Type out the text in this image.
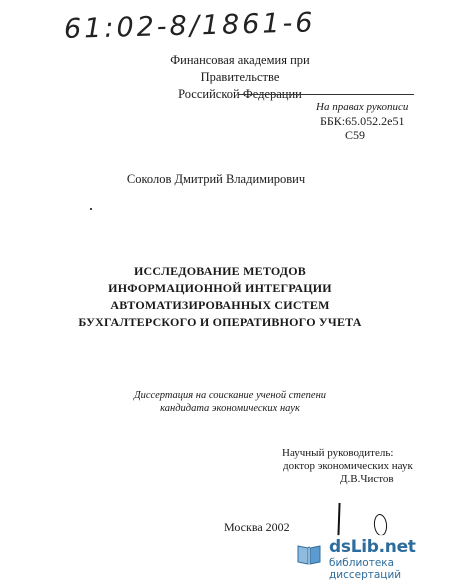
61:02-8/1861-6
Финансовая академия при Правительстве
Российской Федерации
На правах рукописи
ББК:65.052.2е51
С59
Соколов Дмитрий Владимирович
ИССЛЕДОВАНИЕ МЕТОДОВ
ИНФОРМАЦИОННОЙ ИНТЕГРАЦИИ
АВТОМАТИЗИРОВАННЫХ СИСТЕМ
БУХГАЛТЕРСКОГО И ОПЕРАТИВНОГО УЧЕТА
Диссертация на соискание ученой степени
кандидата экономических наук
Научный руководитель:
доктор экономических наук
Д.В.Чистов
Москва 2002
dsLib.net
библиотека диссертаций
